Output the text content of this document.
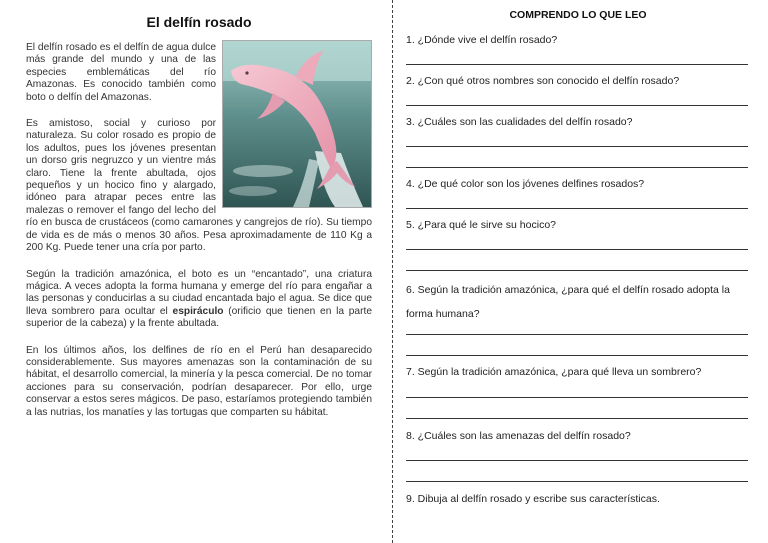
El delfín rosado

El delfín rosado es el delfín de agua dulce más grande del mundo y una de las especies emblemáticas del río Amazonas. Es conocido también como boto o delfín del Amazonas.

Es amistoso, social y curioso por naturaleza. Su color rosado es propio de los adultos, pues los jóvenes presentan un dorso gris negruzco y un vientre más claro. Tiene la frente abultada, ojos pequeños y un hocico fino y alargado, idóneo para atrapar peces entre las malezas o remover el fango del lecho del río en busca de crustáceos (como camarones y cangrejos de río). Su tiempo de vida es de más o menos 30 años. Pesa aproximadamente de 110 Kg a 200 Kg. Puede tener una cría por parto.

Según la tradición amazónica, el boto es un “encantado”, una criatura mágica. A veces adopta la forma humana y emerge del río para engañar a las personas y conducirlas a su ciudad encantada bajo el agua. Se dice que lleva sombrero para ocultar el espiráculo (orificio que tienen en la parte superior de la cabeza) y la frente abultada.

En los últimos años, los delfines de río en el Perú han desaparecido considerablemente. Sus mayores amenazas son la contaminación de su hábitat, el desarrollo comercial, la minería y la pesca comercial. De no tomar acciones para su conservación, podrían desaparecer. Por ello, urge conservar a estos seres mágicos. De paso, estaríamos protegiendo también a las nutrias, los manatíes y las tortugas que comparten su hábitat.

COMPRENDO LO QUE LEO
1. ¿Dónde vive el delfín rosado?
2. ¿Con qué otros nombres son conocido el delfín rosado?
3. ¿Cuáles son las cualidades del delfín rosado?
4. ¿De qué color son los jóvenes delfines rosados?
5. ¿Para qué le sirve su hocico?
6. Según la tradición amazónica, ¿para qué el delfín rosado adopta la forma humana?
7. Según la tradición amazónica, ¿para qué lleva un sombrero?
8. ¿Cuáles son las amenazas del delfín rosado?
9. Dibuja al delfín rosado y escribe sus características.
